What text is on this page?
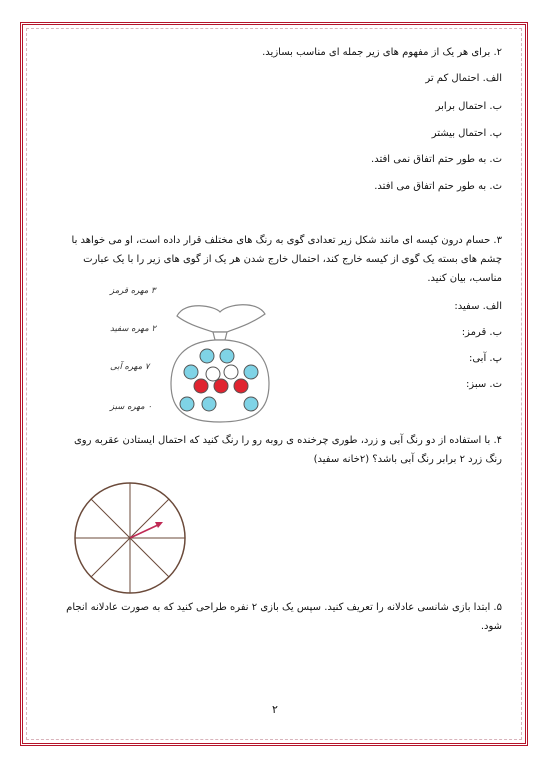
۲. برای هر یک از مفهوم های زیر جمله ای مناسب بسازید.
الف. احتمال کم تر
ب. احتمال برابر
پ. احتمال بیشتر
ت. به طور حتم اتفاق نمی افتد.
ث. به طور حتم اتفاق می افتد.
۳. حسام درون کیسه ای مانند شکل زیر تعدادی گوی به رنگ های مختلف قرار داده است، او می خواهد با
چشم های بسته یک گوی از کیسه خارج کند، احتمال خارج شدن هر یک از گوی های زیر را با یک عبارت
مناسب، بیان کنید.
الف. سفید:
ب. قرمز:
پ. آبی:
ت. سبز:
۳ مهره قرمز
۲ مهره سفید
۷ مهره آبی
۰ مهره سبز
۴. با استفاده از دو رنگ آبی و زرد، طوری چرخنده ی روبه رو را رنگ کنید که احتمال ایستادن عقربه روی
رنگ زرد ۲ برابر رنگ آبی باشد؟ (۲خانه سفید)
۵. ابتدا بازی شانسی عادلانه را تعریف کنید. سپس یک بازی ۲ نفره طراحی کنید که به صورت عادلانه انجام
شود.
۲
